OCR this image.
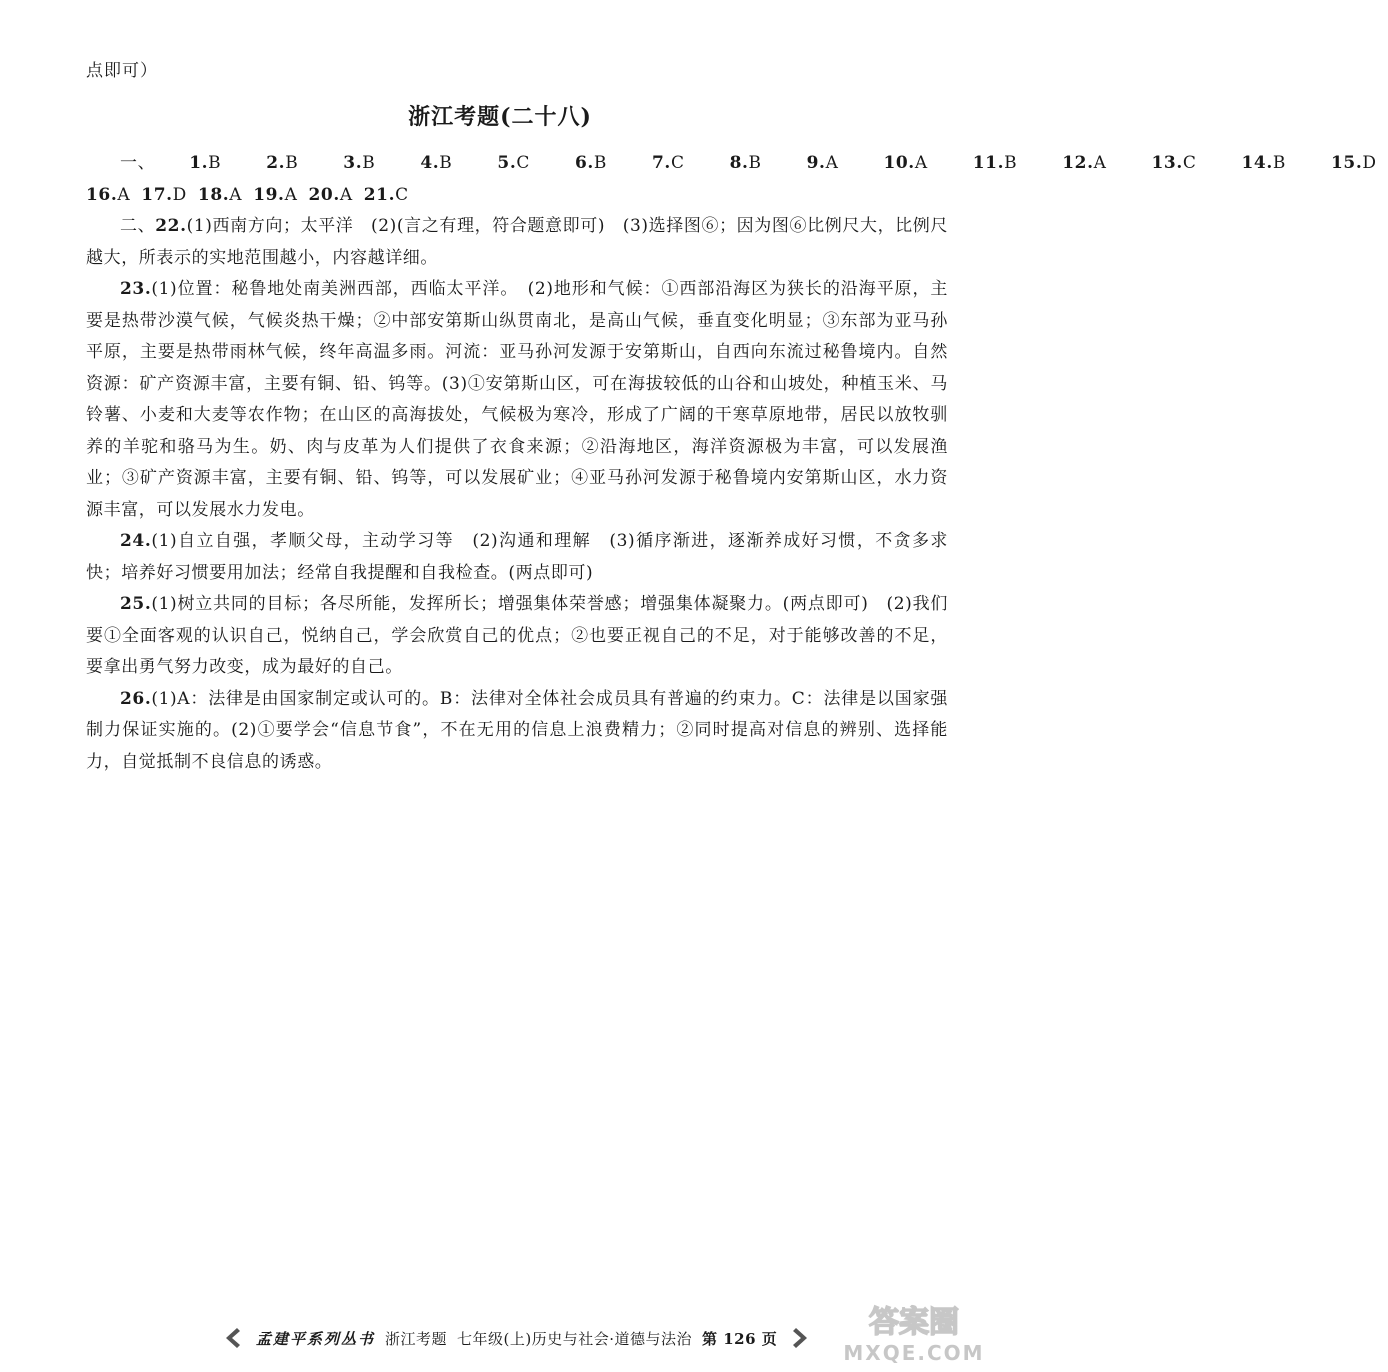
点即可）
浙江考题(二十八)

一、 1.B	2.B	3.B	4.B	5.C	6.B	7.C	8.B	9.A	10.A	11.B	12.A	13.C	14.B	15.D

16.A 17.D 18.A 19.A 20.A 21.C

二、22.(1)西南方向；太平洋　(2)(言之有理，符合题意即可)　(3)选择图⑥；因为图⑥比例尺大，比例尺越大，所表示的实地范围越小，内容越详细。

23.(1)位置：秘鲁地处南美洲西部，西临太平洋。　(2)地形和气候：①西部沿海区为狭长的沿海平原，主要是热带沙漠气候，气候炎热干燥；②中部安第斯山纵贯南北，是高山气候，垂直变化明显；③东部为亚马孙平原，主要是热带雨林气候，终年高温多雨。河流：亚马孙河发源于安第斯山，自西向东流过秘鲁境内。自然资源：矿产资源丰富，主要有铜、铅、钨等。(3)①安第斯山区，可在海拔较低的山谷和山坡处，种植玉米、马铃薯、小麦和大麦等农作物；在山区的高海拔处，气候极为寒冷，形成了广阔的干寒草原地带，居民以放牧驯养的羊驼和骆马为生。奶、肉与皮革为人们提供了衣食来源；②沿海地区，海洋资源极为丰富，可以发展渔业；③矿产资源丰富，主要有铜、铅、钨等，可以发展矿业；④亚马孙河发源于秘鲁境内安第斯山区，水力资源丰富，可以发展水力发电。

24.(1)自立自强，孝顺父母，主动学习等　(2)沟通和理解　(3)循序渐进，逐渐养成好习惯，不贪多求快；培养好习惯要用加法；经常自我提醒和自我检查。(两点即可)

25.(1)树立共同的目标；各尽所能，发挥所长；增强集体荣誉感；增强集体凝聚力。(两点即可)　(2)我们要①全面客观的认识自己，悦纳自己，学会欣赏自己的优点；②也要正视自己的不足，对于能够改善的不足，要拿出勇气努力改变，成为最好的自己。

26.(1)A：法律是由国家制定或认可的。B：法律对全体社会成员具有普遍的约束力。C：法律是以国家强制力保证实施的。(2)①要学会“信息节食”，不在无用的信息上浪费精力；②同时提高对信息的辨别、选择能力，自觉抵制不良信息的诱惑。

孟建平系列丛书 浙江考题 七年级(上)历史与社会·道德与法治 第 126 页	答案圈
MXQE.COM
